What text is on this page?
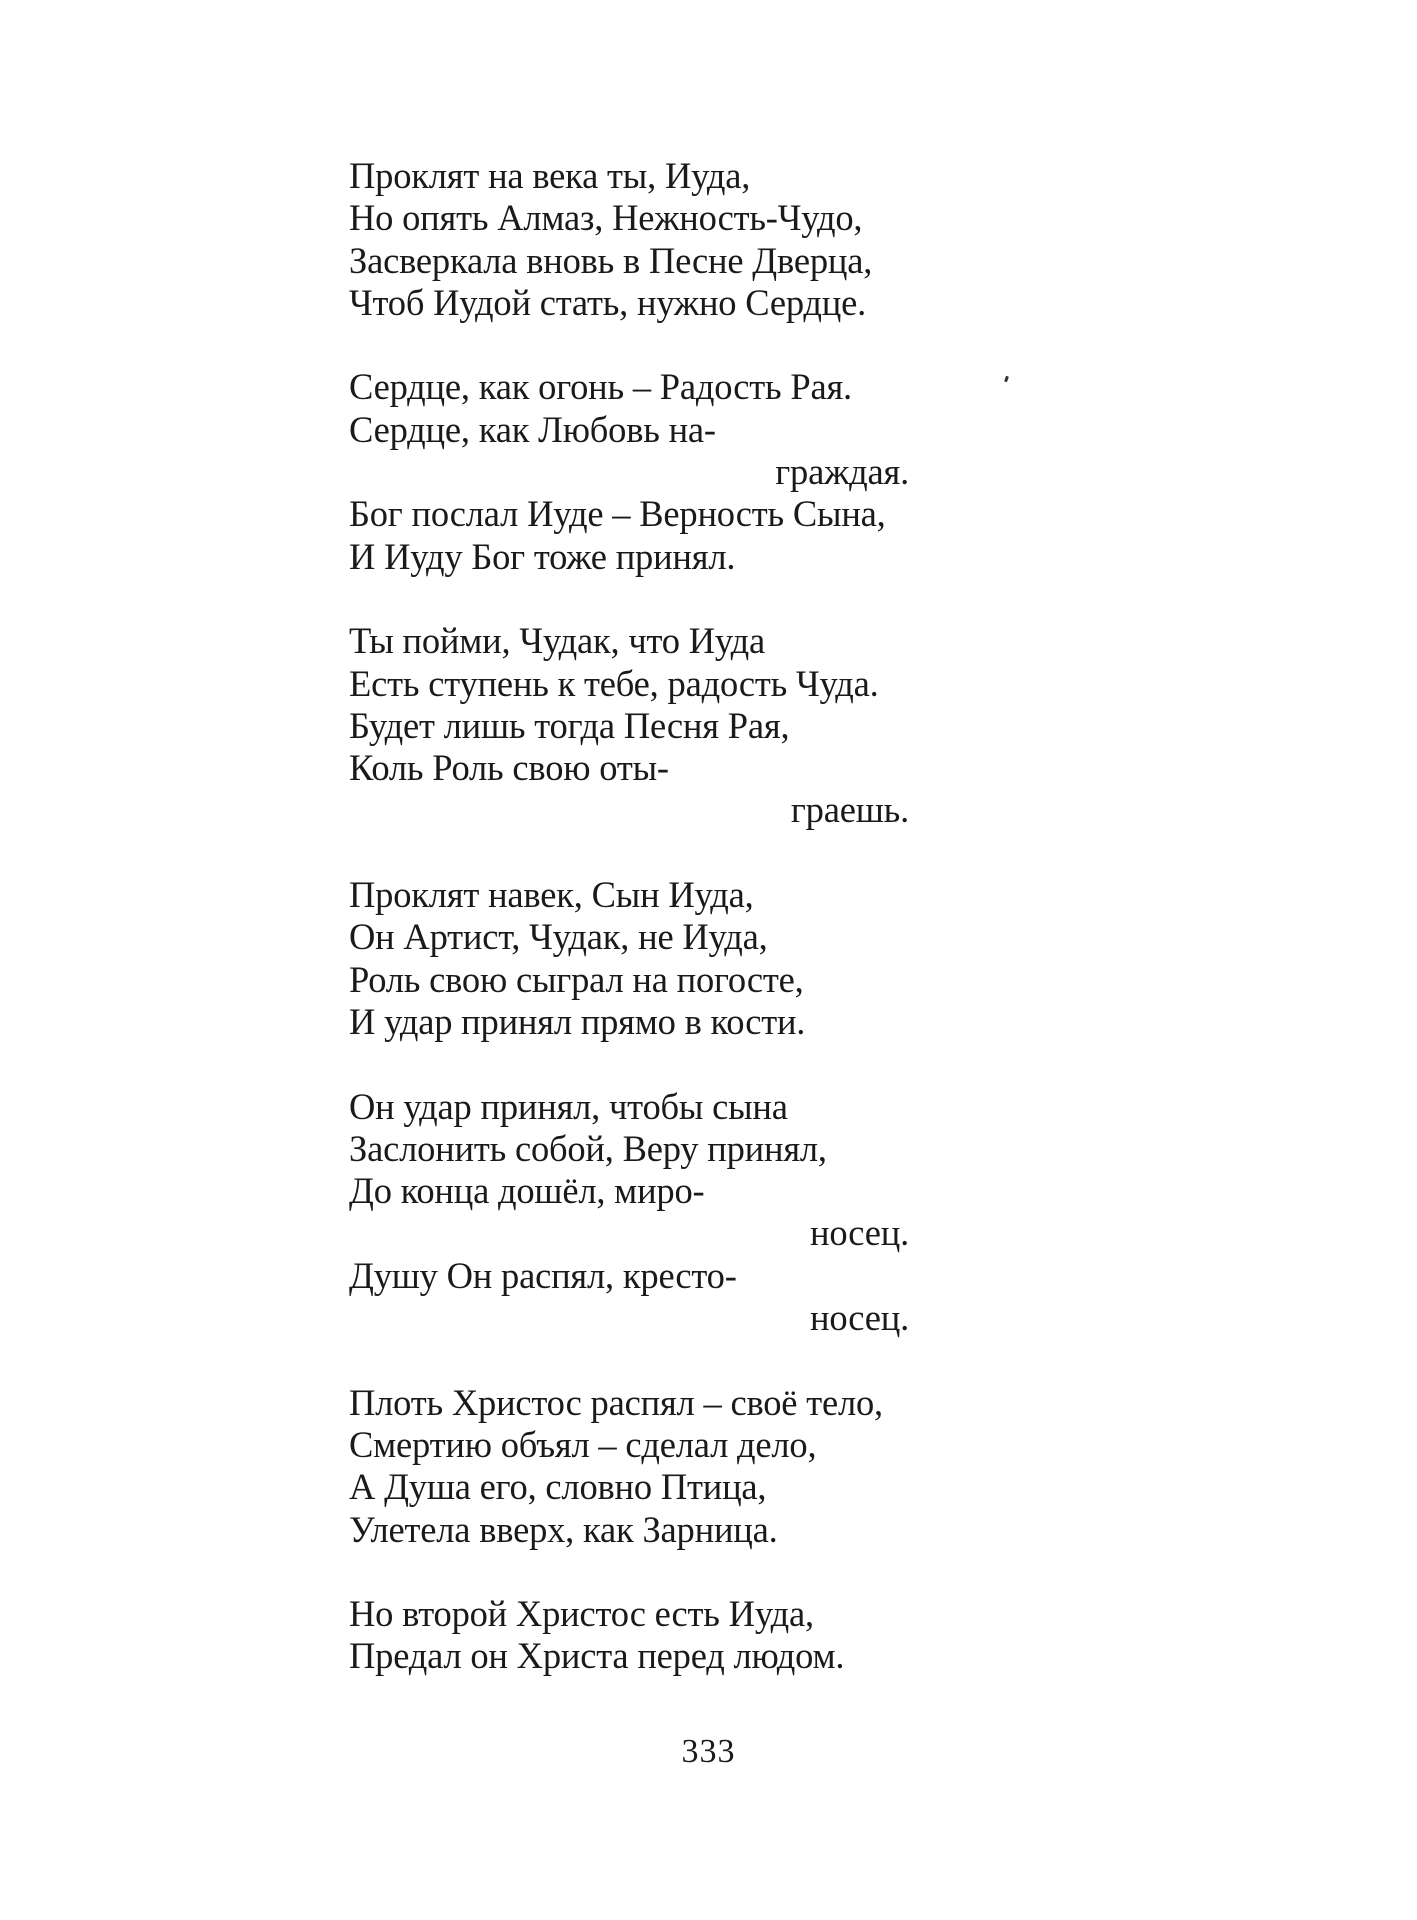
Проклят на века ты, Иуда,
Но опять Алмаз, Нежность-Чудо,
Засверкала вновь в Песне Дверца,
Чтоб Иудой стать, нужно Сердце.
Сердце, как огонь – Радость Рая.
Сердце, как Любовь на-
граждая.
Бог послал Иуде – Верность Сына,
И Иуду Бог тоже принял.
Ты пойми, Чудак, что Иуда
Есть ступень к тебе, радость Чуда.
Будет лишь тогда Песня Рая,
Коль Роль свою оты-
граешь.
Проклят навек, Сын Иуда,
Он Артист, Чудак, не Иуда,
Роль свою сыграл на погосте,
И удар принял прямо в кости.
Он удар принял, чтобы сына
Заслонить собой, Веру принял,
До конца дошёл, миро-
носец.
Душу Он распял, кресто-
носец.
Плоть Христос распял – своё тело,
Смертию объял – сделал дело,
А Душа его, словно Птица,
Улетела вверх, как Зарница.
Но второй Христос есть Иуда,
Предал он Христа перед людом.
333
